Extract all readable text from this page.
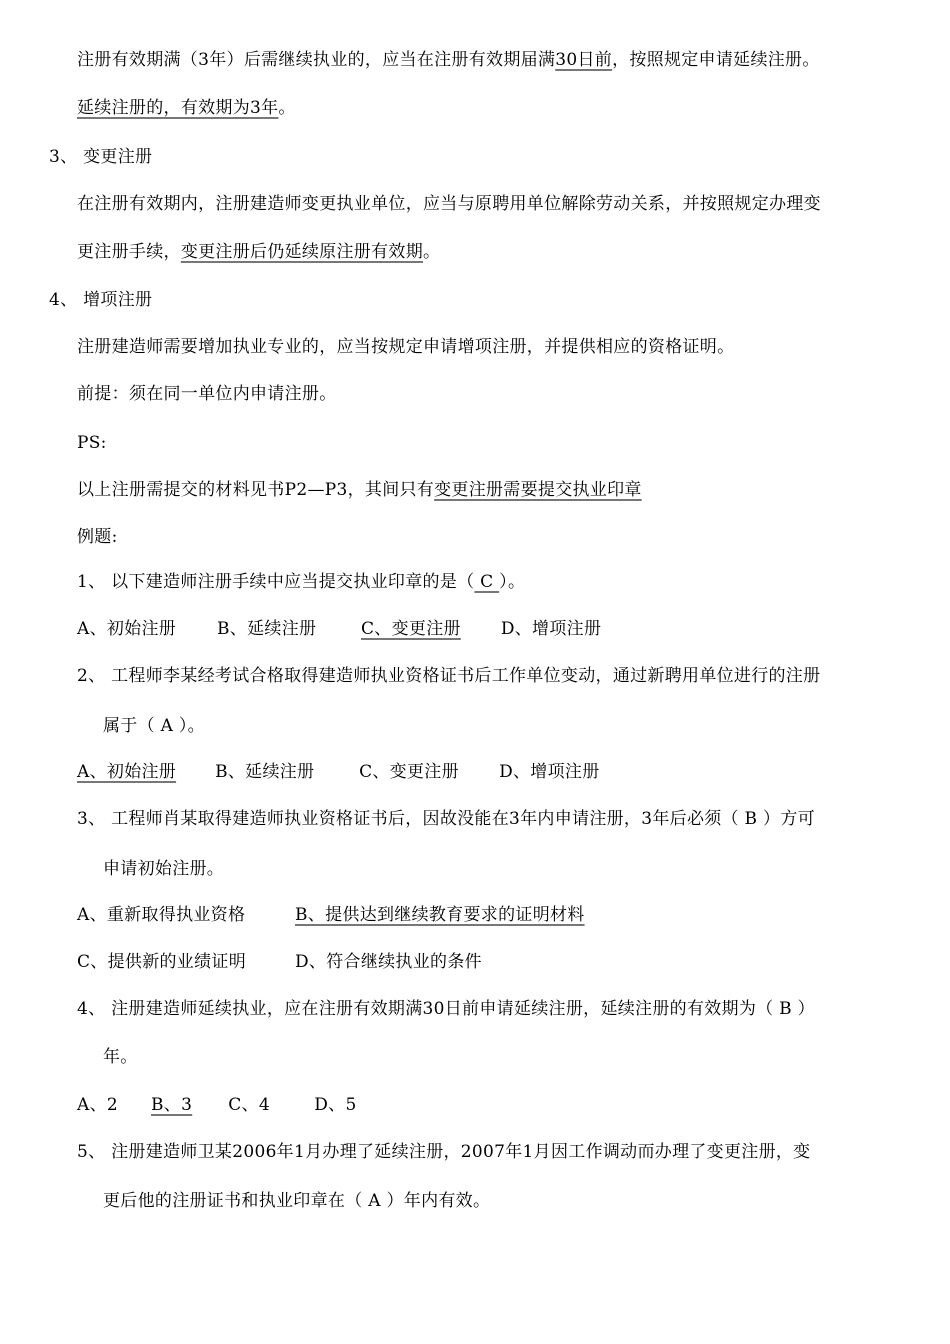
注册有效期满（3年）后需继续执业的，应当在注册有效期届满30日前，按照规定申请延续注册。
延续注册的，有效期为3年。
3、 变更注册
在注册有效期内，注册建造师变更执业单位，应当与原聘用单位解除劳动关系，并按照规定办理变
更注册手续，变更注册后仍延续原注册有效期。
4、 增项注册
注册建造师需要增加执业专业的，应当按规定申请增项注册，并提供相应的资格证明。
前提：须在同一单位内申请注册。
PS:
以上注册需提交的材料见书P2—P3，其间只有变更注册需要提交执业印章
例题:
1、 以下建造师注册手续中应当提交执业印章的是（ C ）。
A、初始注册 B、延续注册	C、变更注册 D、增项注册
2、 工程师李某经考试合格取得建造师执业资格证书后工作单位变动，通过新聘用单位进行的注册
属于（ A ）。
A、初始注册 B、延续注册	C、变更注册 D、增项注册
3、 工程师肖某取得建造师执业资格证书后，因故没能在3年内申请注册，3年后必须（ B ）方可
申请初始注册。
A、重新取得执业资格	B、提供达到继续教育要求的证明材料
C、提供新的业绩证明	D、符合继续执业的条件
4、 注册建造师延续执业，应在注册有效期满30日前申请延续注册，延续注册的有效期为（ B ）
年。
A、2 B、3 C、4	D、5
5、 注册建造师卫某2006年1月办理了延续注册，2007年1月因工作调动而办理了变更注册，变
更后他的注册证书和执业印章在（ A ）年内有效。
